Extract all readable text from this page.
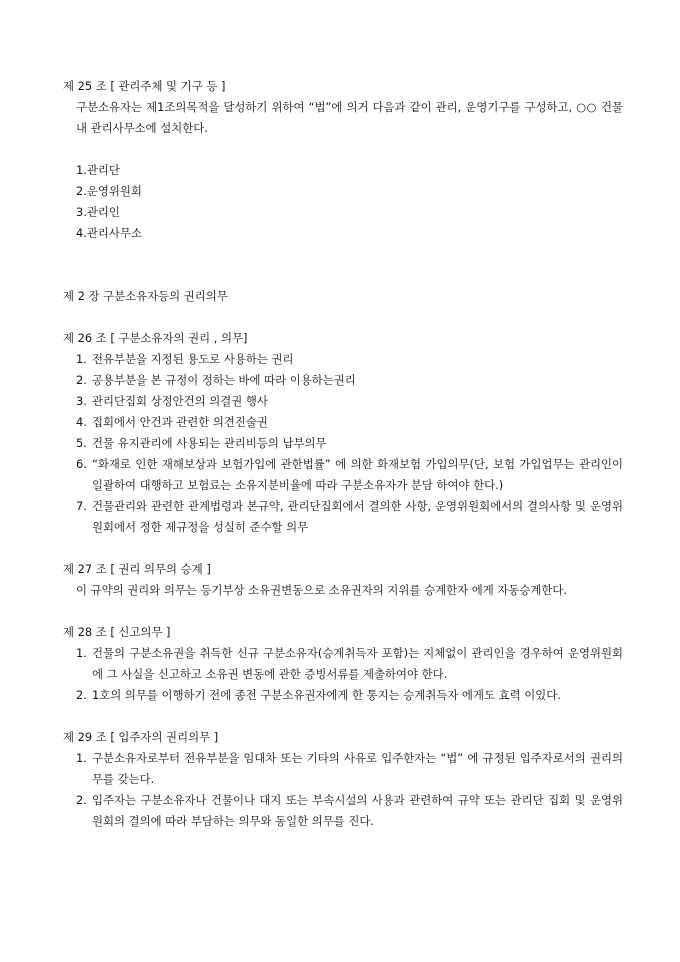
제 25 조 [ 관리주체 및 기구 등 ]

구분소유자는 제1조의목적을 달성하기 위하여 “법”에 의거 다음과 같이 관리, 운영기구를 구성하고, ○○ 건물내 관리사무소에 설치한다.

1.관리단
2.운영위원회
3.관리인
4.관리사무소

제 2 장 구분소유자등의 권리의무

제 26 조 [ 구분소유자의 권리 , 의무]

1. 전유부분을 지정된 용도로 사용하는 권리
2. 공용부분을 본 규정이 정하는 바에 따라 이용하는권리
3. 관리단집회 상정안건의 의결권 행사
4. 집회에서 안건과 관련한 의견진술권
5. 건물 유지관리에 사용되는 관리비등의 납부의무
6. “화재로 인한 재해보상과 보험가입에 관한법률” 에 의한 화재보험 가입의무(단, 보험 가입업무는 관리인이 일괄하여 대행하고 보험료는 소유지분비율에 따라 구분소유자가 분담 하여야 한다.)
7. 건물관리와 관련한 관계법령과 본규약, 관리단집회에서 결의한 사항, 운영위원회에서의 결의사항 및 운영위원회에서 정한 제규정을 성실히 준수할 의무

제 27 조 [ 권리 의무의 승계 ]

이 규약의 권리와 의무는 등기부상 소유권변동으로 소유권자의 지위를 승계한자 에게 자동승계한다.

제 28 조 [ 신고의무 ]

1. 건물의 구분소유권을 취득한 신규 구분소유자(승계취득자 포함)는 지체없이 관리인을 경우하여 운영위원회에 그 사실을 신고하고 소유권 변동에 관한 증빙서류를 제출하여야 한다.
2. 1호의 의무를 이행하기 전에 종전 구분소유권자에게 한 통지는 승계취득자 에게도 효력 이있다.

제 29 조 [ 입주자의 권리의무 ]

1. 구분소유자로부터 전유부분을 임대차 또는 기타의 사유로 입주한자는 “법” 에 규정된 입주자로서의 권리의무를 갖는다.
2. 입주자는 구분소유자나 건물이나 대지 또는 부속시설의 사용과 관련하여 규약 또는 관리단 집회 및 운영위원회의 결의에 따라 부담하는 의무와 동일한 의무를 진다.
